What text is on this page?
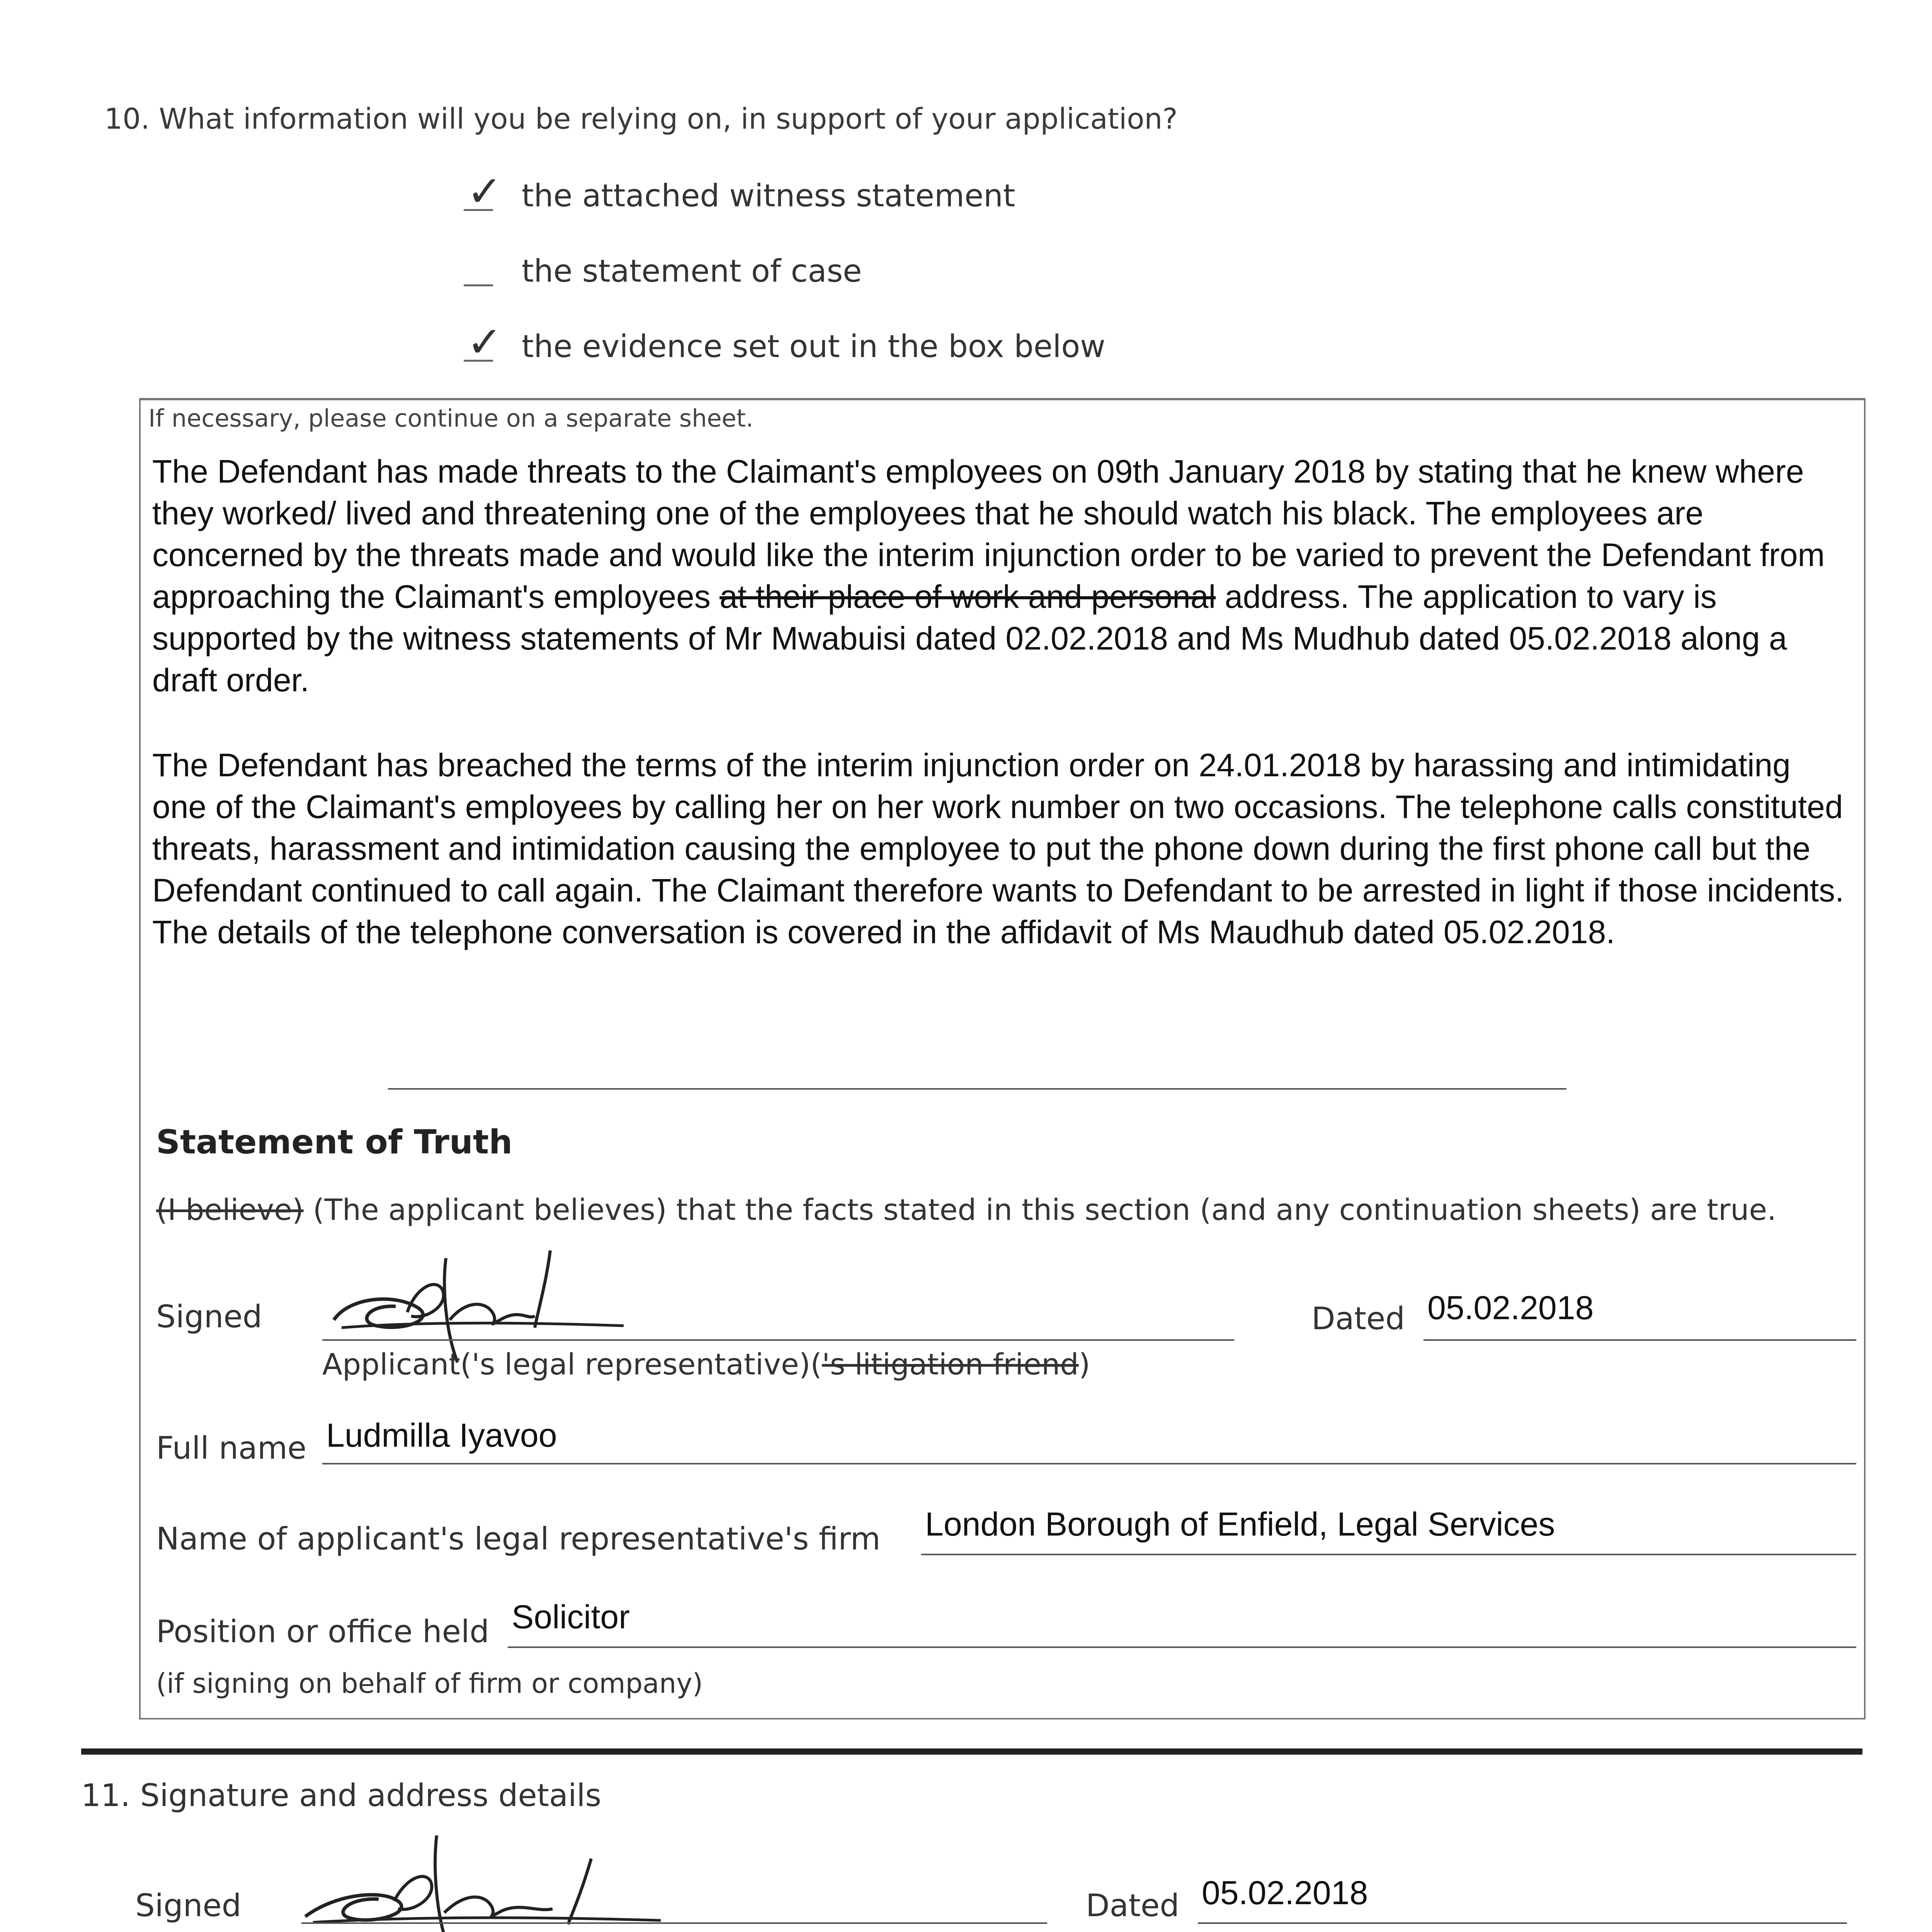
10. What information will you be relying on, in support of your application?
✓ the attached witness statement
the statement of case
✓ the evidence set out in the box below
If necessary, please continue on a separate sheet.
The Defendant has made threats to the Claimant's employees on 09th January 2018 by stating that he knew where they worked/ lived and threatening one of the employees that he should watch his black. The employees are concerned by the threats made and would like the interim injunction order to be varied to prevent the Defendant from approaching the Claimant's employees at their place of work and personal address. The application to vary is supported by the witness statements of Mr Mwabuisi dated 02.02.2018 and Ms Mudhub dated 05.02.2018 along a draft order.
The Defendant has breached the terms of the interim injunction order on 24.01.2018 by harassing and intimidating one of the Claimant's employees by calling her on her work number on two occasions. The telephone calls constituted threats, harassment and intimidation causing the employee to put the phone down during the first phone call but the Defendant continued to call again. The Claimant therefore wants to Defendant to be arrested in light if those incidents. The details of the telephone conversation is covered in the affidavit of Ms Maudhub dated 05.02.2018.
Statement of Truth
(I believe) (The applicant believes) that the facts stated in this section (and any continuation sheets) are true.
Signed	Dated 05.02.2018
Applicant('s legal representative)('s litigation friend)
Full name Ludmilla Iyavoo
Name of applicant's legal representative's firm London Borough of Enfield, Legal Services
Position or office held Solicitor
(if signing on behalf of firm or company)
11. Signature and address details
Signed	Dated 05.02.2018
